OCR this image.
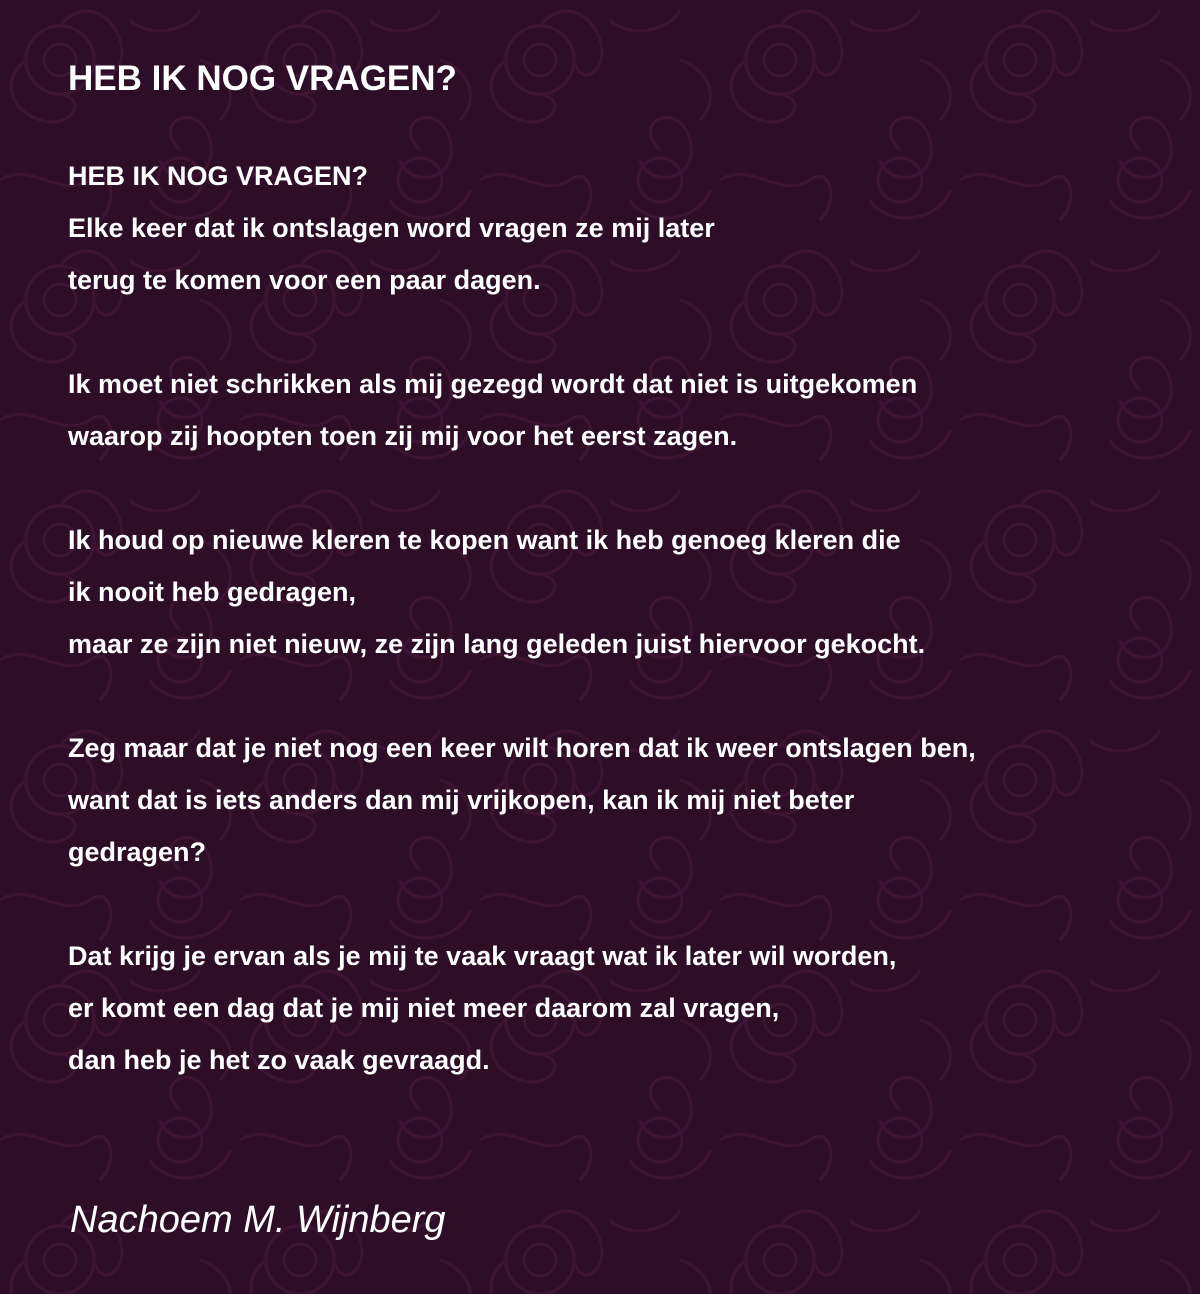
HEB IK NOG VRAGEN?

HEB IK NOG VRAGEN?
Elke keer dat ik ontslagen word vragen ze mij later
terug te komen voor een paar dagen.

Ik moet niet schrikken als mij gezegd wordt dat niet is uitgekomen
waarop zij hoopten toen zij mij voor het eerst zagen.

Ik houd op nieuwe kleren te kopen want ik heb genoeg kleren die
ik nooit heb gedragen,
maar ze zijn niet nieuw, ze zijn lang geleden juist hiervoor gekocht.

Zeg maar dat je niet nog een keer wilt horen dat ik weer ontslagen ben,
want dat is iets anders dan mij vrijkopen, kan ik mij niet beter
gedragen?

Dat krijg je ervan als je mij te vaak vraagt wat ik later wil worden,
er komt een dag dat je mij niet meer daarom zal vragen,
dan heb je het zo vaak gevraagd.

Nachoem M. Wijnberg
